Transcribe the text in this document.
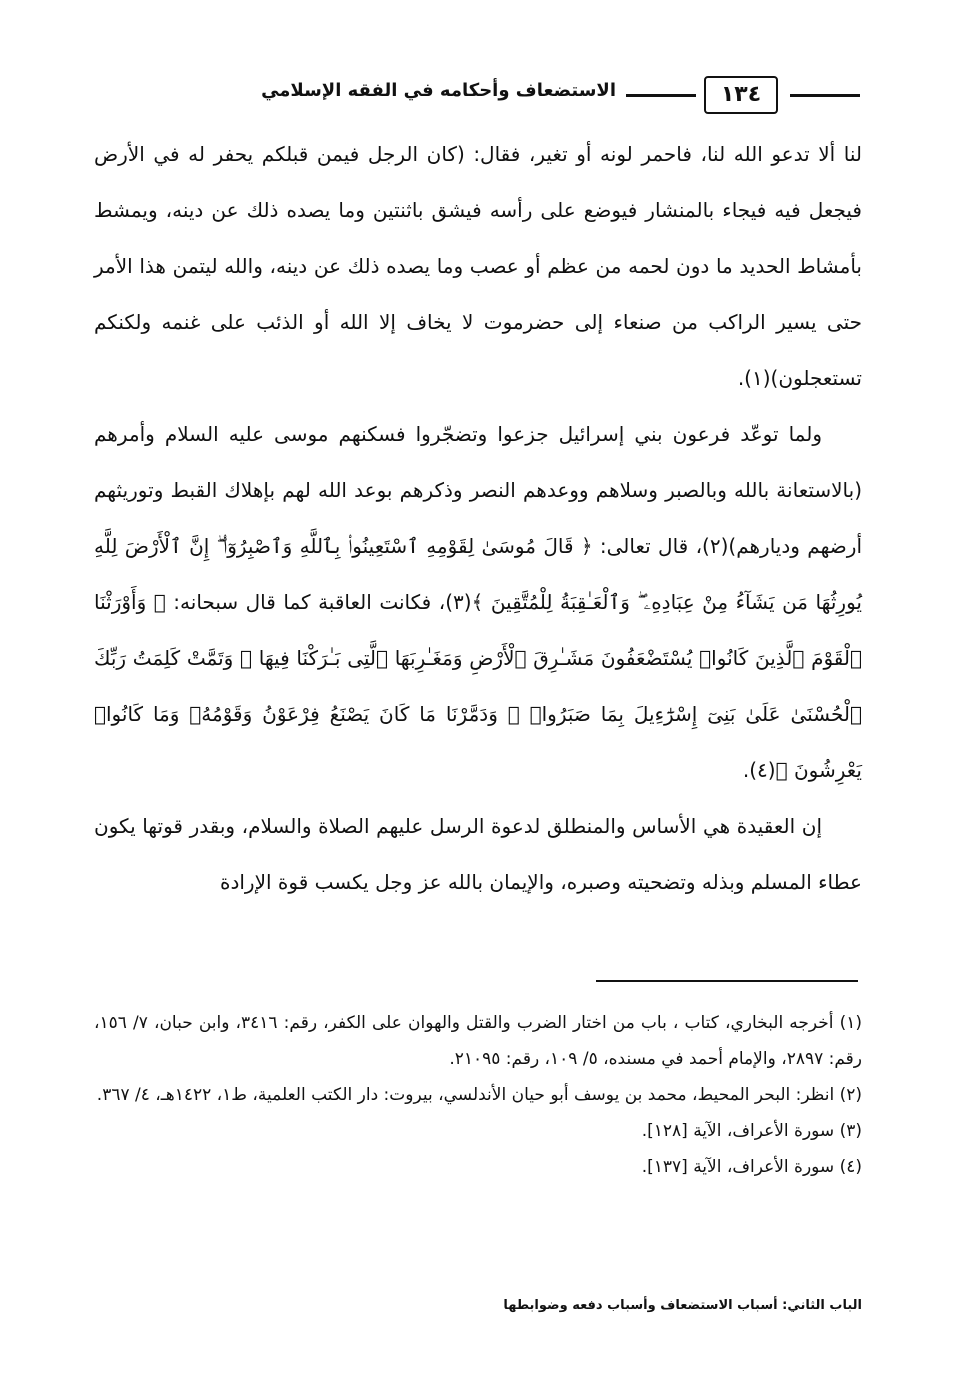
١٣٤
الاستضعاف وأحكامه في الفقه الإسلامي

لنا ألا تدعو الله لنا، فاحمر لونه أو تغير، فقال: (كان الرجل فيمن قبلكم يحفر له في الأرض فيجعل فيه فيجاء بالمنشار فيوضع على رأسه فيشق باثنتين وما يصده ذلك عن دينه، ويمشط بأمشاط الحديد ما دون لحمه من عظم أو عصب وما يصده ذلك عن دينه، والله ليتمن هذا الأمر حتى يسير الراكب من صنعاء إلى حضرموت لا يخاف إلا الله أو الذئب على غنمه ولكنكم تستعجلون)(١).

ولما توعّد فرعون بني إسرائيل جزعوا وتضجّروا فسكنهم موسى عليه السلام وأمرهم (بالاستعانة بالله وبالصبر وسلاهم ووعدهم النصر وذكرهم بوعد الله لهم بإهلاك القبط وتوريثهم أرضهم وديارهم)(٢)، قال تعالى: ﴿ قَالَ مُوسَىٰ لِقَوْمِهِ ٱسْتَعِينُوا۟ بِٱللَّهِ وَٱصْبِرُوٓا۟ ۖ إِنَّ ٱلْأَرْضَ لِلَّهِ يُورِثُهَا مَن يَشَآءُ مِنْ عِبَادِهِۦ ۖ وَٱلْعَـٰقِبَةُ لِلْمُتَّقِينَ ﴾(٣)، فكانت العاقبة كما قال سبحانه: ﴿ وَأَوْرَثْنَا ٱلْقَوْمَ ٱلَّذِينَ كَانُوا۟ يُسْتَضْعَفُونَ مَشَـٰرِقَ ٱلْأَرْضِ وَمَغَـٰرِبَهَا ٱلَّتِى بَـٰرَكْنَا فِيهَا ۖ وَتَمَّتْ كَلِمَتُ رَبِّكَ ٱلْحُسْنَىٰ عَلَىٰ بَنِىٓ إِسْرَٰٓءِيلَ بِمَا صَبَرُوا۟ ۖ وَدَمَّرْنَا مَا كَانَ يَصْنَعُ فِرْعَوْنُ وَقَوْمُهُۥ وَمَا كَانُوا۟ يَعْرِشُونَ ﴾(٤).

إن العقيدة هي الأساس والمنطلق لدعوة الرسل عليهم الصلاة والسلام، وبقدر قوتها يكون عطاء المسلم وبذله وتضحيته وصبره، والإيمان بالله عز وجل يكسب قوة الإرادة

(١) أخرجه البخاري، كتاب ، باب من اختار الضرب والقتل والهوان على الكفر، رقم: ٣٤١٦، وابن حبان، ٧/ ١٥٦، رقم: ٢٨٩٧، والإمام أحمد في مسنده، ٥/ ١٠٩، رقم: ٢١٠٩٥.

(٢) انظر: البحر المحيط، محمد بن يوسف أبو حيان الأندلسي، بيروت: دار الكتب العلمية، ط١، ١٤٢٢هـ، ٤/ ٣٦٧.

(٣) سورة الأعراف، الآية [١٢٨].

(٤) سورة الأعراف، الآية [١٣٧].

الباب الثاني: أسباب الاستضعاف وأسباب دفعه وضوابطها
